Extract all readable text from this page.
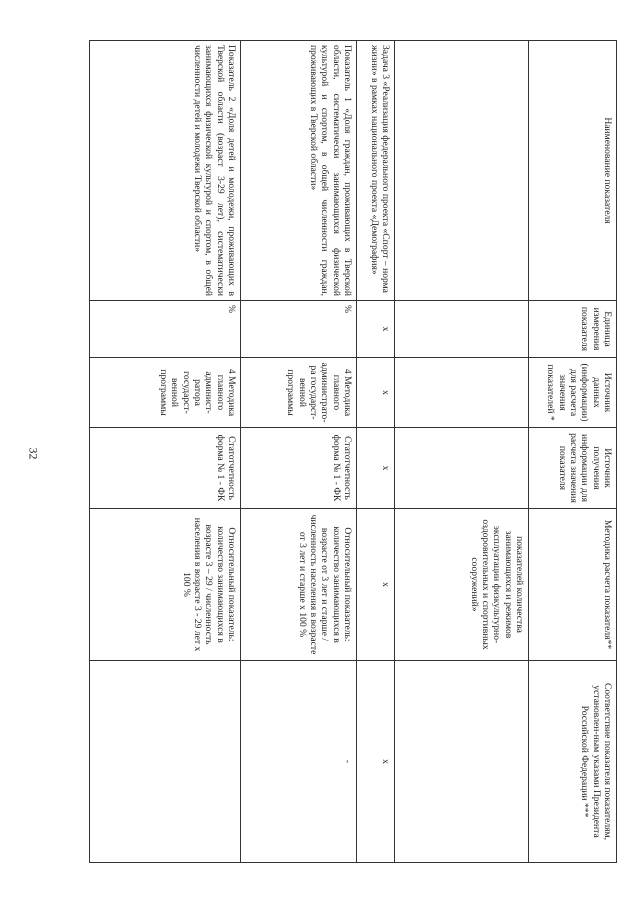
32
Наименование показателя	Единица измерения показателя	Источник данных (информации) для расчета значения показателей *	Источник получения информации для расчета значения показателя	Методика расчета показателя**	Соответствие показателя показателям, установлен-ным указами Президента Российской Федерации ***
				показателей количества занимающихся и режимов эксплуатации физкультурно-оздоровительных и спортивных сооружений»	
Задача 3 «Реализация федерального проекта «Спорт – норма жизни» в рамках национального проекта «Демография»	x	x	x	x	x
Показатель 1 «Доля граждан, проживающих в Тверской области, систематически занимающихся физической культурой и спортом, в общей численности граждан, проживающих в Тверской области»	%	4 Методика главного администрато-ра государст-венной программы	Статотчетность форма № 1 - ФК	Относительный показатель: количество занимающихся в возрасте от 3 лет и старше / численность населения в возрасте от 3 лет и старше х 100 %	-
Показатель 2 «Доля детей и молодежи, проживающих в Тверской области (возраст 3-29 лет), систематически занимающихся физической культурой и спортом, в общей численности детей и молодежи Тверской области»	%	4 Методика главного админист-ратора государст-венной программы	Статотчетность форма № 1 - ФК	Относительный показатель: количество занимающихся в возрасте 3 – 29 / численность населения в возрасте 3 - 29 лет х 100 %	
